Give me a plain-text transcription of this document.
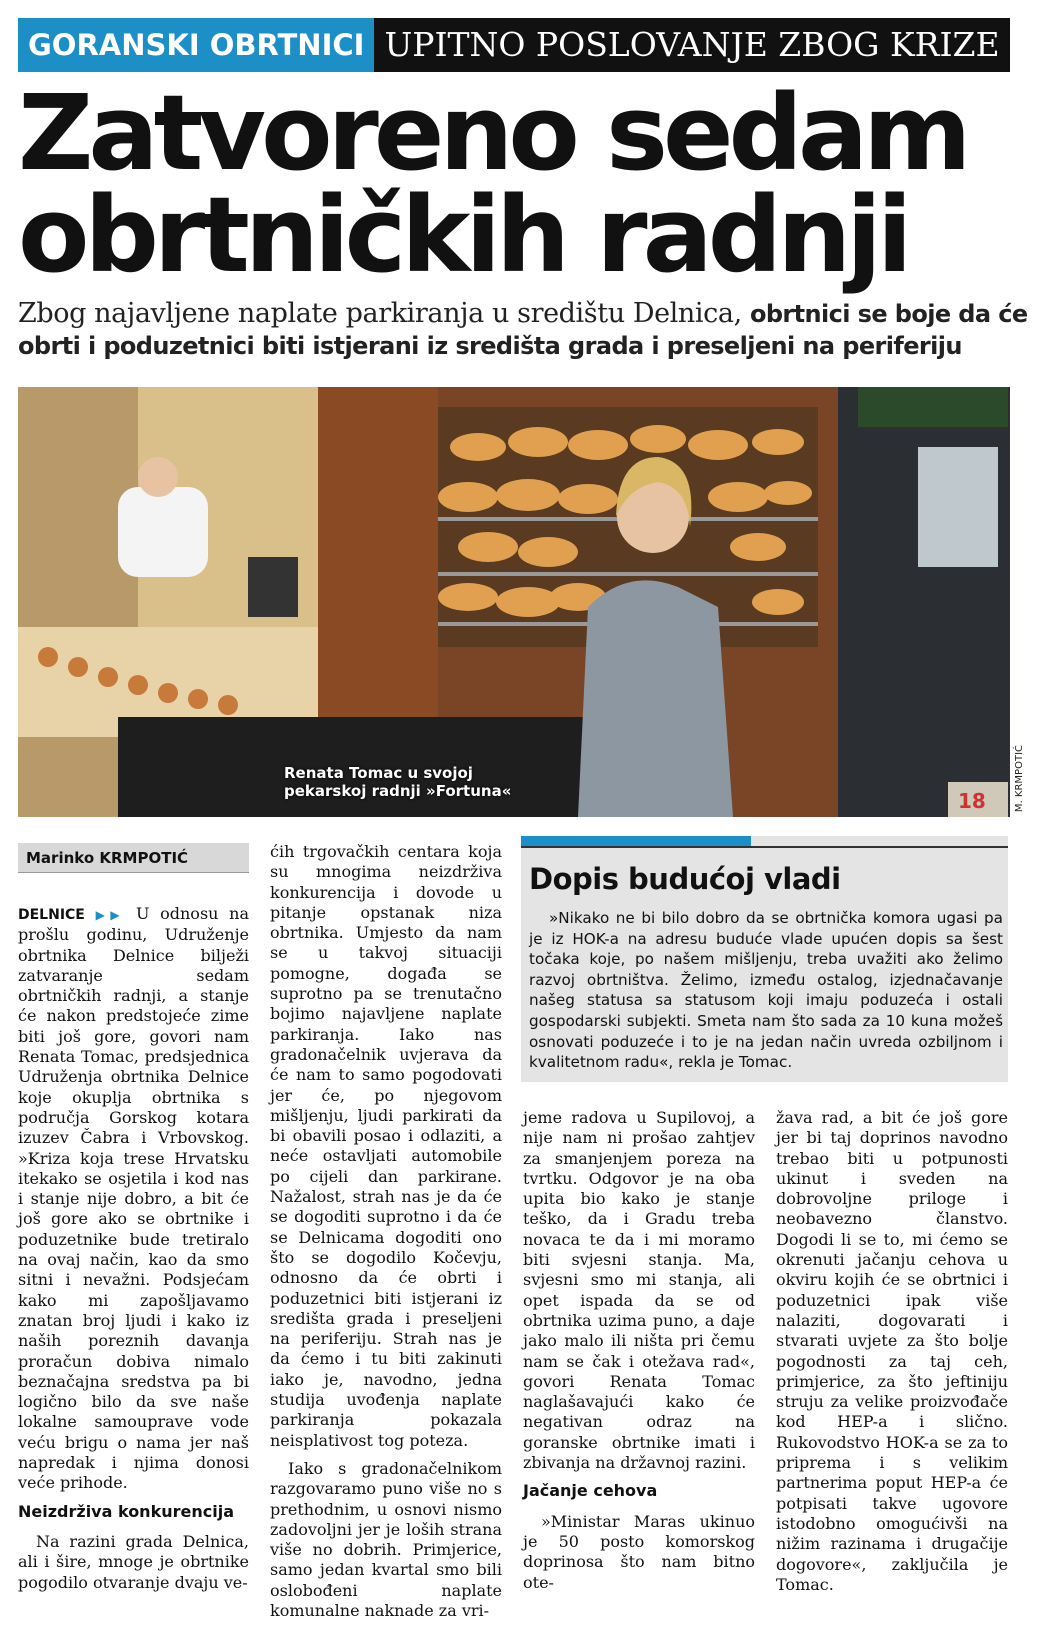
GORANSKI OBRTNICI UPITNO POSLOVANJE ZBOG KRIZE
Zatvoreno sedam
obrtničkih radnji
Zbog najavljene naplate parkiranja u središtu Delnica, obrtnici se boje da će obrti i poduzetnici biti istjerani iz središta grada i preseljeni na periferiju
Renata Tomac u svojoj
pekarskoj radnji »Fortuna«	18	M. KRMPOTIĆ
Marinko KRMPOTIĆ

DELNICE ▶▶ U odnosu na prošlu godinu, Udruženje obrtnika Delnice bilježi zatvaranje sedam obrtničkih radnji, a stanje će nakon predstojeće zime biti još gore, govori nam Renata Tomac, predsjednica Udruženja obrtnika Delnice koje okuplja obrtnika s područja Gorskog kotara izuzev Čabra i Vrbovskog. »Kriza koja trese Hrvatsku itekako se osjetila i kod nas i stanje nije dobro, a bit će još gore ako se obrtnike i poduzetnike bude tretiralo na ovaj način, kao da smo sitni i nevažni. Podsjećam kako mi zapošljavamo znatan broj ljudi i kako iz naših poreznih davanja proračun dobiva nimalo beznačajna sredstva pa bi logično bilo da sve naše lokalne samouprave vode veću brigu o nama jer naš napredak i njima donosi veće prihode.

Neizdrživa konkurencija

Na razini grada Delnica, ali i šire, mnoge je obrtnike pogodilo otvaranje dvaju ve-

ćih trgovačkih centara koja su mnogima neizdrživa konkurencija i dovode u pitanje opstanak niza obrtnika. Umjesto da nam se u takvoj situaciji pomogne, događa se suprotno pa se trenutačno bojimo najavljene naplate parkiranja. Iako nas gradonačelnik uvjerava da će nam to samo pogodovati jer će, po njegovom mišljenju, ljudi parkirati da bi obavili posao i odlaziti, a neće ostavljati automobile po cijeli dan parkirane. Nažalost, strah nas je da će se dogoditi suprotno i da će se Delnicama dogoditi ono što se dogodilo Kočevju, odnosno da će obrti i poduzetnici biti istjerani iz središta grada i preseljeni na periferiju. Strah nas je da ćemo i tu biti zakinuti iako je, navodno, jedna studija uvođenja naplate parkiranja pokazala neisplativost tog poteza.

Iako s gradonačelnikom razgovaramo puno više no s prethodnim, u osnovi nismo zadovoljni jer je loših strana više no dobrih. Primjerice, samo jedan kvartal smo bili oslobođeni naplate komunalne naknade za vri-

Dopis budućoj vladi
»Nikako ne bi bilo dobro da se obrtnička komora ugasi pa je iz HOK-a na adresu buduće vlade upućen dopis sa šest točaka koje, po našem mišljenju, treba uvažiti ako želimo razvoj obrtništva. Želimo, između ostalog, izjednačavanje našeg statusa sa statusom koji imaju poduzeća i ostali gospodarski subjekti. Smeta nam što sada za 10 kuna možeš osnovati poduzeće i to je na jedan način uvreda ozbiljnom i kvalitetnom radu«, rekla je Tomac.

jeme radova u Supilovoj, a nije nam ni prošao zahtjev za smanjenjem poreza na tvrtku. Odgovor je na oba upita bio kako je stanje teško, da i Gradu treba novaca te da i mi moramo biti svjesni stanja. Ma, svjesni smo mi stanja, ali opet ispada da se od obrtnika uzima puno, a daje jako malo ili ništa pri čemu nam se čak i otežava rad«, govori Renata Tomac naglašavajući kako će negativan odraz na goranske obrtnike imati i zbivanja na državnoj razini.

Jačanje cehova

»Ministar Maras ukinuo je 50 posto komorskog doprinosa što nam bitno ote-

žava rad, a bit će još gore jer bi taj doprinos navodno trebao biti u potpunosti ukinut i sveden na dobrovoljne priloge i neobavezno članstvo. Dogodi li se to, mi ćemo se okrenuti jačanju cehova u okviru kojih će se obrtnici i poduzetnici ipak više nalaziti, dogovarati i stvarati uvjete za što bolje pogodnosti za taj ceh, primjerice, za što jeftiniju struju za velike proizvođače kod HEP-a i slično. Rukovodstvo HOK-a se za to priprema i s velikim partnerima poput HEP-a će potpisati takve ugovore istodobno omogućivši na nižim razinama i drugačije dogovore«, zaključila je Tomac.
